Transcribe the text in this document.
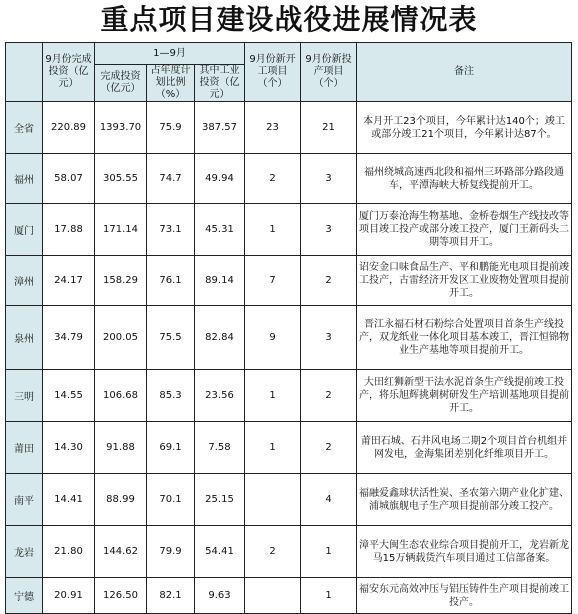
重点项目建设战役进展情况表
	9月份完成投资（亿元）	1—9月			9月份新开工项目（个）	9月份新投产项目（个）	备注
		完成投资（亿元）	占年度计划比例（%）	其中工业投资（亿元）			
全省	220.89	1393.70	75.9	387.57	23	21	本月开工23个项目，今年累计达140个；竣工或部分竣工21个项目，今年累计达87个。
福州	58.07	305.55	74.7	49.94	2	3	福州绕城高速西北段和福州三环路部分路段通车，平潭海峡大桥复线提前开工。
厦门	17.88	171.14	73.1	45.31	1	3	厦门万泰沧海生物基地、金桥卷烟生产线技改等项目竣工投产或部分竣工投产，厦门王新码头二期等项目开工。
漳州	24.17	158.29	76.1	89.14	7	2	诏安金口味食品生产、平和鹏能光电项目提前竣工投产，古雷经济开发区工业废物处置项目提前开工。
泉州	34.79	200.05	75.5	82.84	9	3	晋江永福石材石粉综合处置项目首条生产线投产，双龙纸业一体化项目基本竣工，晋江恒锦物业生产基地等项目提前开工。
三明	14.55	106.68	85.3	23.56	1	2	大田红狮新型干法水泥首条生产线提前竣工投产，将乐旭辉挑刺树研发生产培训基地项目提前开工。
莆田	14.30	91.88	69.1	7.58	1	2	莆田石城、石井风电场二期2个项目首台机组并网发电，金海集团差别化纤维项目开工。
南平	14.41	88.99	70.1	25.15		4	福融爱鑫球状活性炭、圣农第六期产业化扩建、浦城旗舰电子生产项目提前部分竣工投产。
龙岩	21.80	144.62	79.9	54.41	2	1	漳平大闽生态农业综合项目提前开工，龙岩新龙马15万辆载货汽车项目通过工信部备案。
宁德	20.91	126.50	82.1	9.63		1	福安东元高效冲压与铝压铸件生产项目提前竣工投产。
